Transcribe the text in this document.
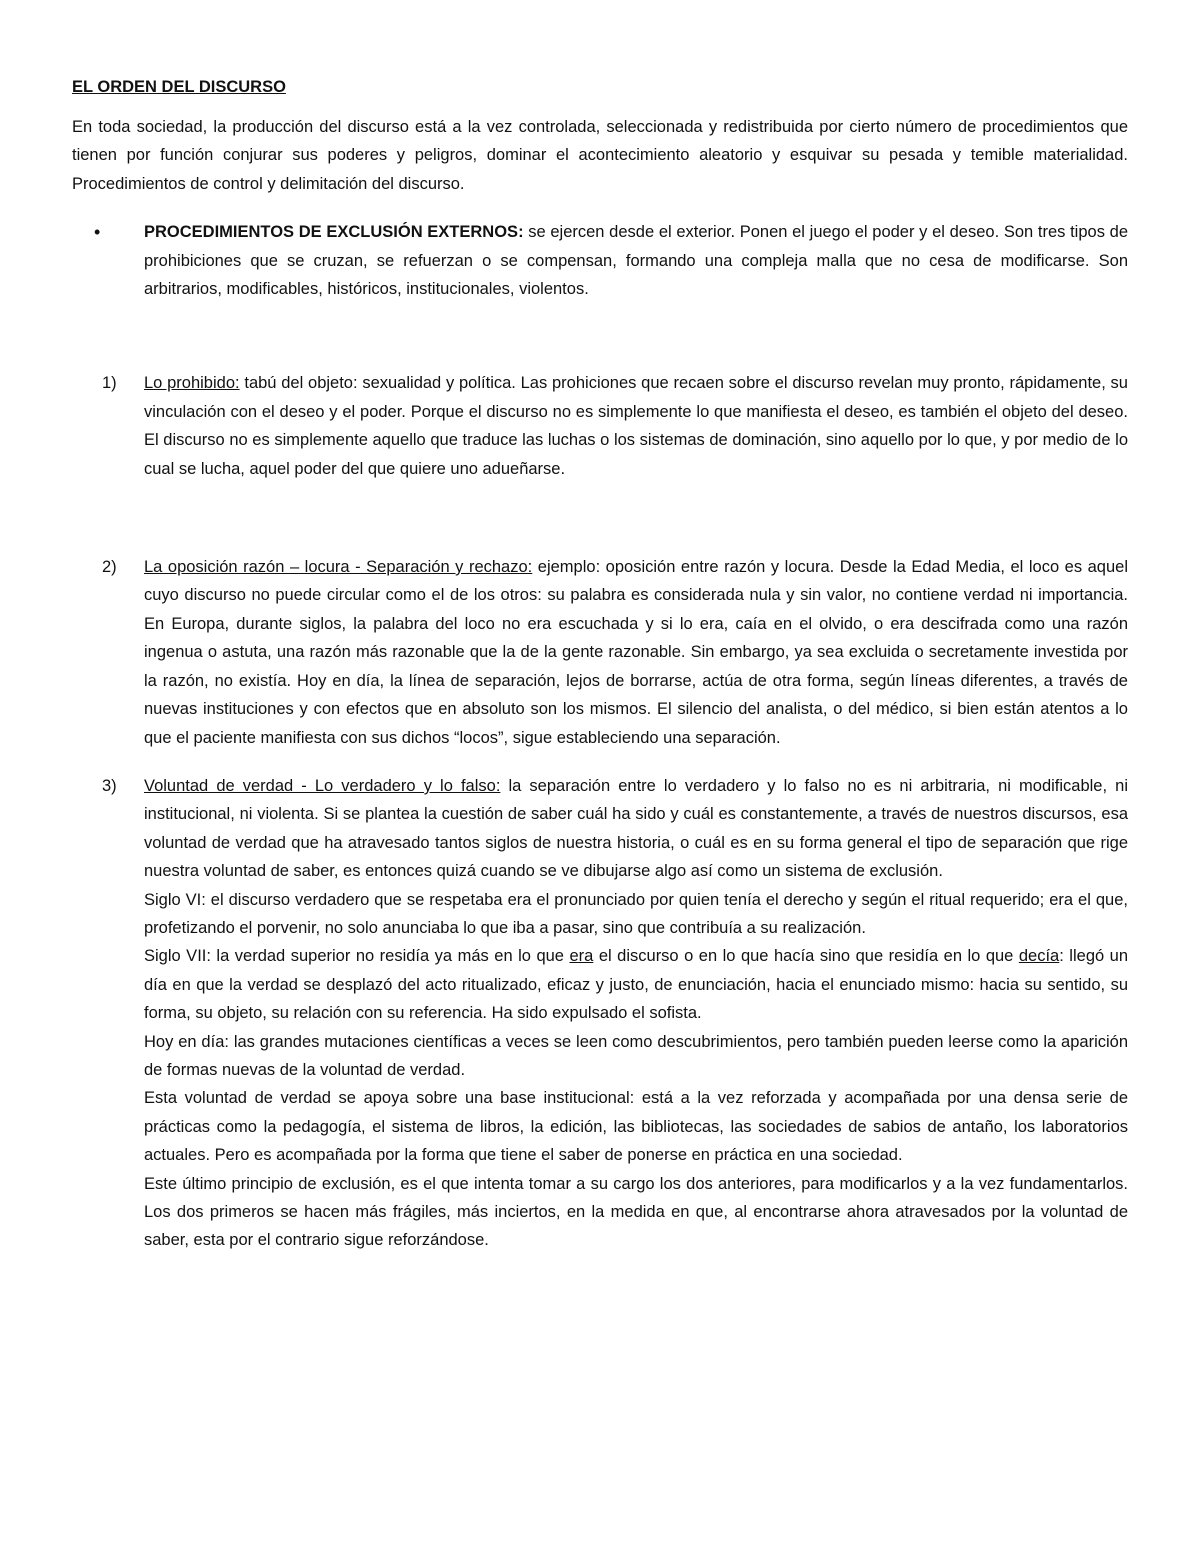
EL ORDEN DEL DISCURSO

En toda sociedad, la producción del discurso está a la vez controlada, seleccionada y redistribuida por cierto número de procedimientos que tienen por función conjurar sus poderes y peligros, dominar el acontecimiento aleatorio y esquivar su pesada y temible materialidad. Procedimientos de control y delimitación del discurso.

•	PROCEDIMIENTOS DE EXCLUSIÓN EXTERNOS: se ejercen desde el exterior. Ponen el juego el poder y el deseo. Son tres tipos de prohibiciones que se cruzan, se refuerzan o se compensan, formando una compleja malla que no cesa de modificarse. Son arbitrarios, modificables, históricos, institucionales, violentos.
1) Lo prohibido: tabú del objeto: sexualidad y política. Las prohiciones que recaen sobre el discurso revelan muy pronto, rápidamente, su vinculación con el deseo y el poder. Porque el discurso no es simplemente lo que manifiesta el deseo, es también el objeto del deseo. El discurso no es simplemente aquello que traduce las luchas o los sistemas de dominación, sino aquello por lo que, y por medio de lo cual se lucha, aquel poder del que quiere uno adueñarse.
2) La oposición razón – locura - Separación y rechazo: ejemplo: oposición entre razón y locura. Desde la Edad Media, el loco es aquel cuyo discurso no puede circular como el de los otros: su palabra es considerada nula y sin valor, no contiene verdad ni importancia. En Europa, durante siglos, la palabra del loco no era escuchada y si lo era, caía en el olvido, o era descifrada como una razón ingenua o astuta, una razón más razonable que la de la gente razonable. Sin embargo, ya sea excluida o secretamente investida por la razón, no existía. Hoy en día, la línea de separación, lejos de borrarse, actúa de otra forma, según líneas diferentes, a través de nuevas instituciones y con efectos que en absoluto son los mismos. El silencio del analista, o del médico, si bien están atentos a lo que el paciente manifiesta con sus dichos “locos”, sigue estableciendo una separación.
3) Voluntad de verdad - Lo verdadero y lo falso: la separación entre lo verdadero y lo falso no es ni arbitraria, ni modificable, ni institucional, ni violenta. Si se plantea la cuestión de saber cuál ha sido y cuál es constantemente, a través de nuestros discursos, esa voluntad de verdad que ha atravesado tantos siglos de nuestra historia, o cuál es en su forma general el tipo de separación que rige nuestra voluntad de saber, es entonces quizá cuando se ve dibujarse algo así como un sistema de exclusión.
Siglo VI: el discurso verdadero que se respetaba era el pronunciado por quien tenía el derecho y según el ritual requerido; era el que, profetizando el porvenir, no solo anunciaba lo que iba a pasar, sino que contribuía a su realización.
Siglo VII: la verdad superior no residía ya más en lo que era el discurso o en lo que hacía sino que residía en lo que decía: llegó un día en que la verdad se desplazó del acto ritualizado, eficaz y justo, de enunciación, hacia el enunciado mismo: hacia su sentido, su forma, su objeto, su relación con su referencia. Ha sido expulsado el sofista.
Hoy en día: las grandes mutaciones científicas a veces se leen como descubrimientos, pero también pueden leerse como la aparición de formas nuevas de la voluntad de verdad.
Esta voluntad de verdad se apoya sobre una base institucional: está a la vez reforzada y acompañada por una densa serie de prácticas como la pedagogía, el sistema de libros, la edición, las bibliotecas, las sociedades de sabios de antaño, los laboratorios actuales. Pero es acompañada por la forma que tiene el saber de ponerse en práctica en una sociedad.
Este último principio de exclusión, es el que intenta tomar a su cargo los dos anteriores, para modificarlos y a la vez fundamentarlos. Los dos primeros se hacen más frágiles, más inciertos, en la medida en que, al encontrarse ahora atravesados por la voluntad de saber, esta por el contrario sigue reforzándose.
